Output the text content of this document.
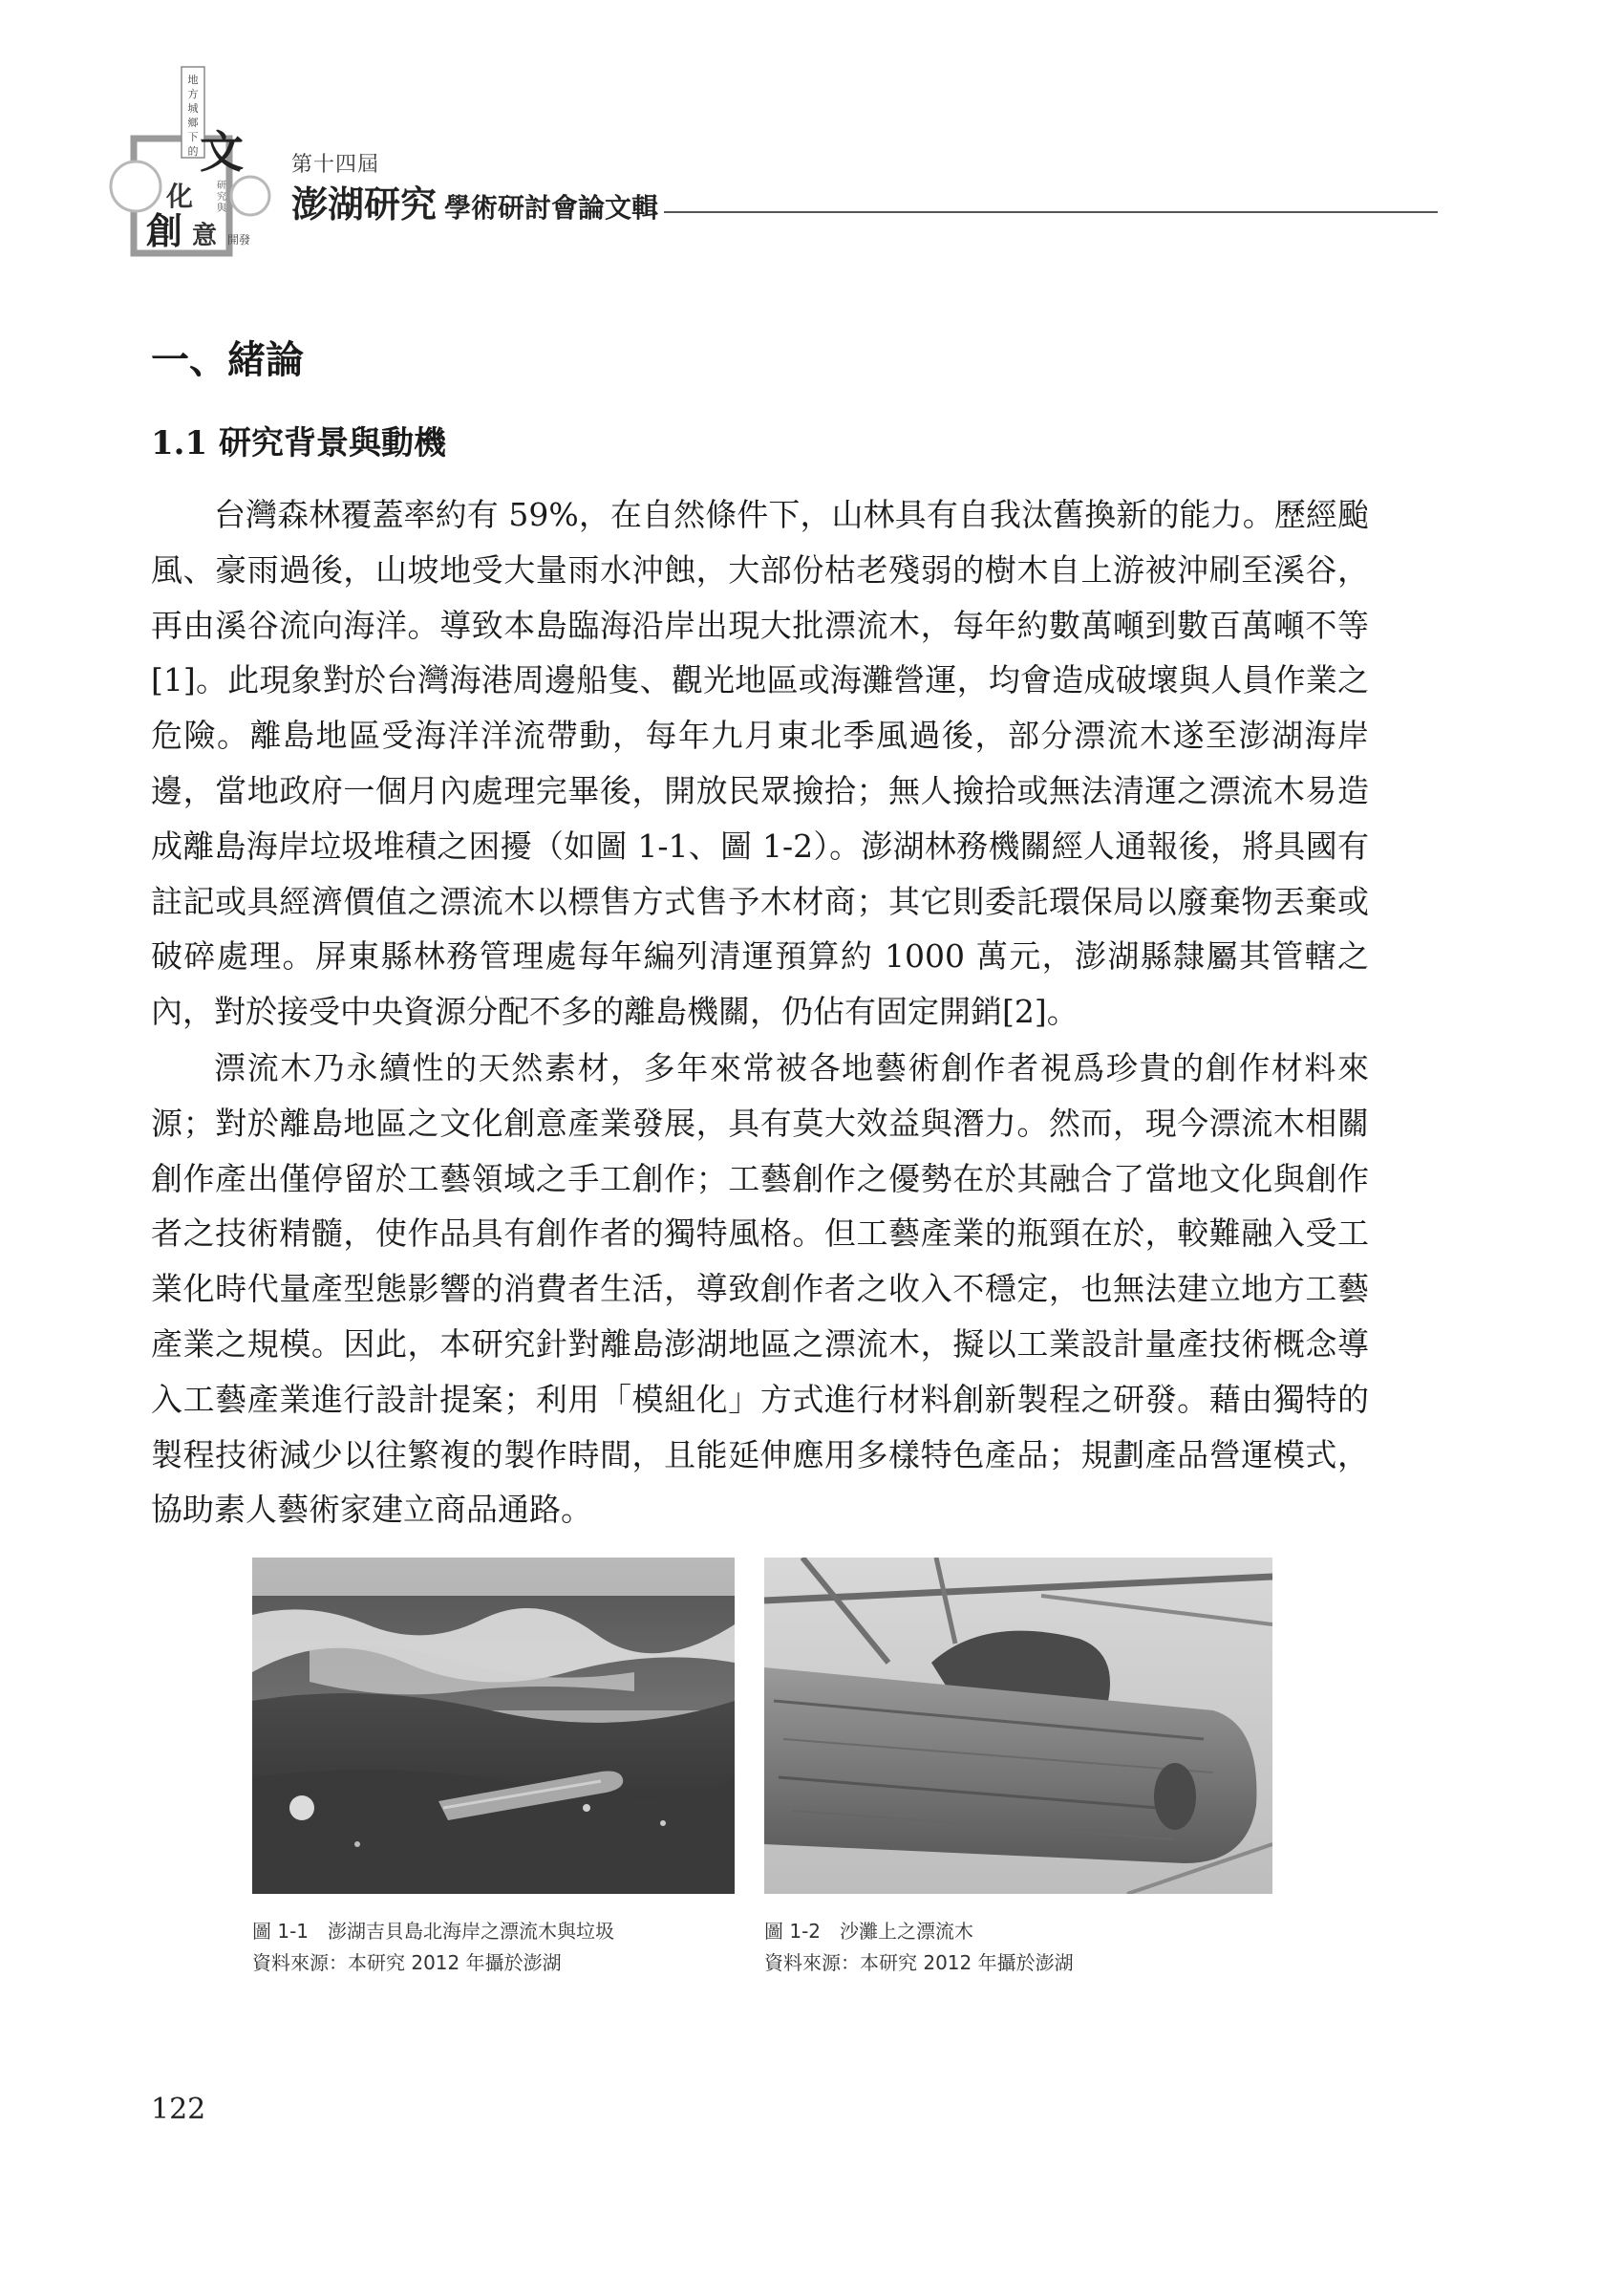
地
方
城
鄉
下
的 文
化 研
究
與
創 意 開發
第十四屆
澎湖研究 學術研討會論文輯
一、緒論
1.1 研究背景與動機

台灣森林覆蓋率約有 59%，在自然條件下，山林具有自我汰舊換新的能力。歷經颱風、豪雨過後，山坡地受大量雨水沖蝕，大部份枯老殘弱的樹木自上游被沖刷至溪谷，再由溪谷流向海洋。導致本島臨海沿岸出現大批漂流木，每年約數萬噸到數百萬噸不等[1]。此現象對於台灣海港周邊船隻、觀光地區或海灘營運，均會造成破壞與人員作業之危險。離島地區受海洋洋流帶動，每年九月東北季風過後，部分漂流木遂至澎湖海岸邊，當地政府一個月內處理完畢後，開放民眾撿拾；無人撿拾或無法清運之漂流木易造成離島海岸垃圾堆積之困擾（如圖 1-1、圖 1-2）。澎湖林務機關經人通報後，將具國有註記或具經濟價值之漂流木以標售方式售予木材商；其它則委託環保局以廢棄物丟棄或破碎處理。屏東縣林務管理處每年編列清運預算約 1000 萬元，澎湖縣隸屬其管轄之內，對於接受中央資源分配不多的離島機關，仍佔有固定開銷[2]。

漂流木乃永續性的天然素材，多年來常被各地藝術創作者視爲珍貴的創作材料來源；對於離島地區之文化創意產業發展，具有莫大效益與潛力。然而，現今漂流木相關創作產出僅停留於工藝領域之手工創作；工藝創作之優勢在於其融合了當地文化與創作者之技術精髓，使作品具有創作者的獨特風格。但工藝產業的瓶頸在於，較難融入受工業化時代量產型態影響的消費者生活，導致創作者之收入不穩定，也無法建立地方工藝產業之規模。因此，本研究針對離島澎湖地區之漂流木，擬以工業設計量產技術概念導入工藝產業進行設計提案；利用「模組化」方式進行材料創新製程之研發。藉由獨特的製程技術減少以往繁複的製作時間，且能延伸應用多樣特色產品；規劃產品營運模式，協助素人藝術家建立商品通路。

圖 1-1　澎湖吉貝島北海岸之漂流木與垃圾
資料來源：本研究 2012 年攝於澎湖
圖 1-2　沙灘上之漂流木
資料來源：本研究 2012 年攝於澎湖
122
